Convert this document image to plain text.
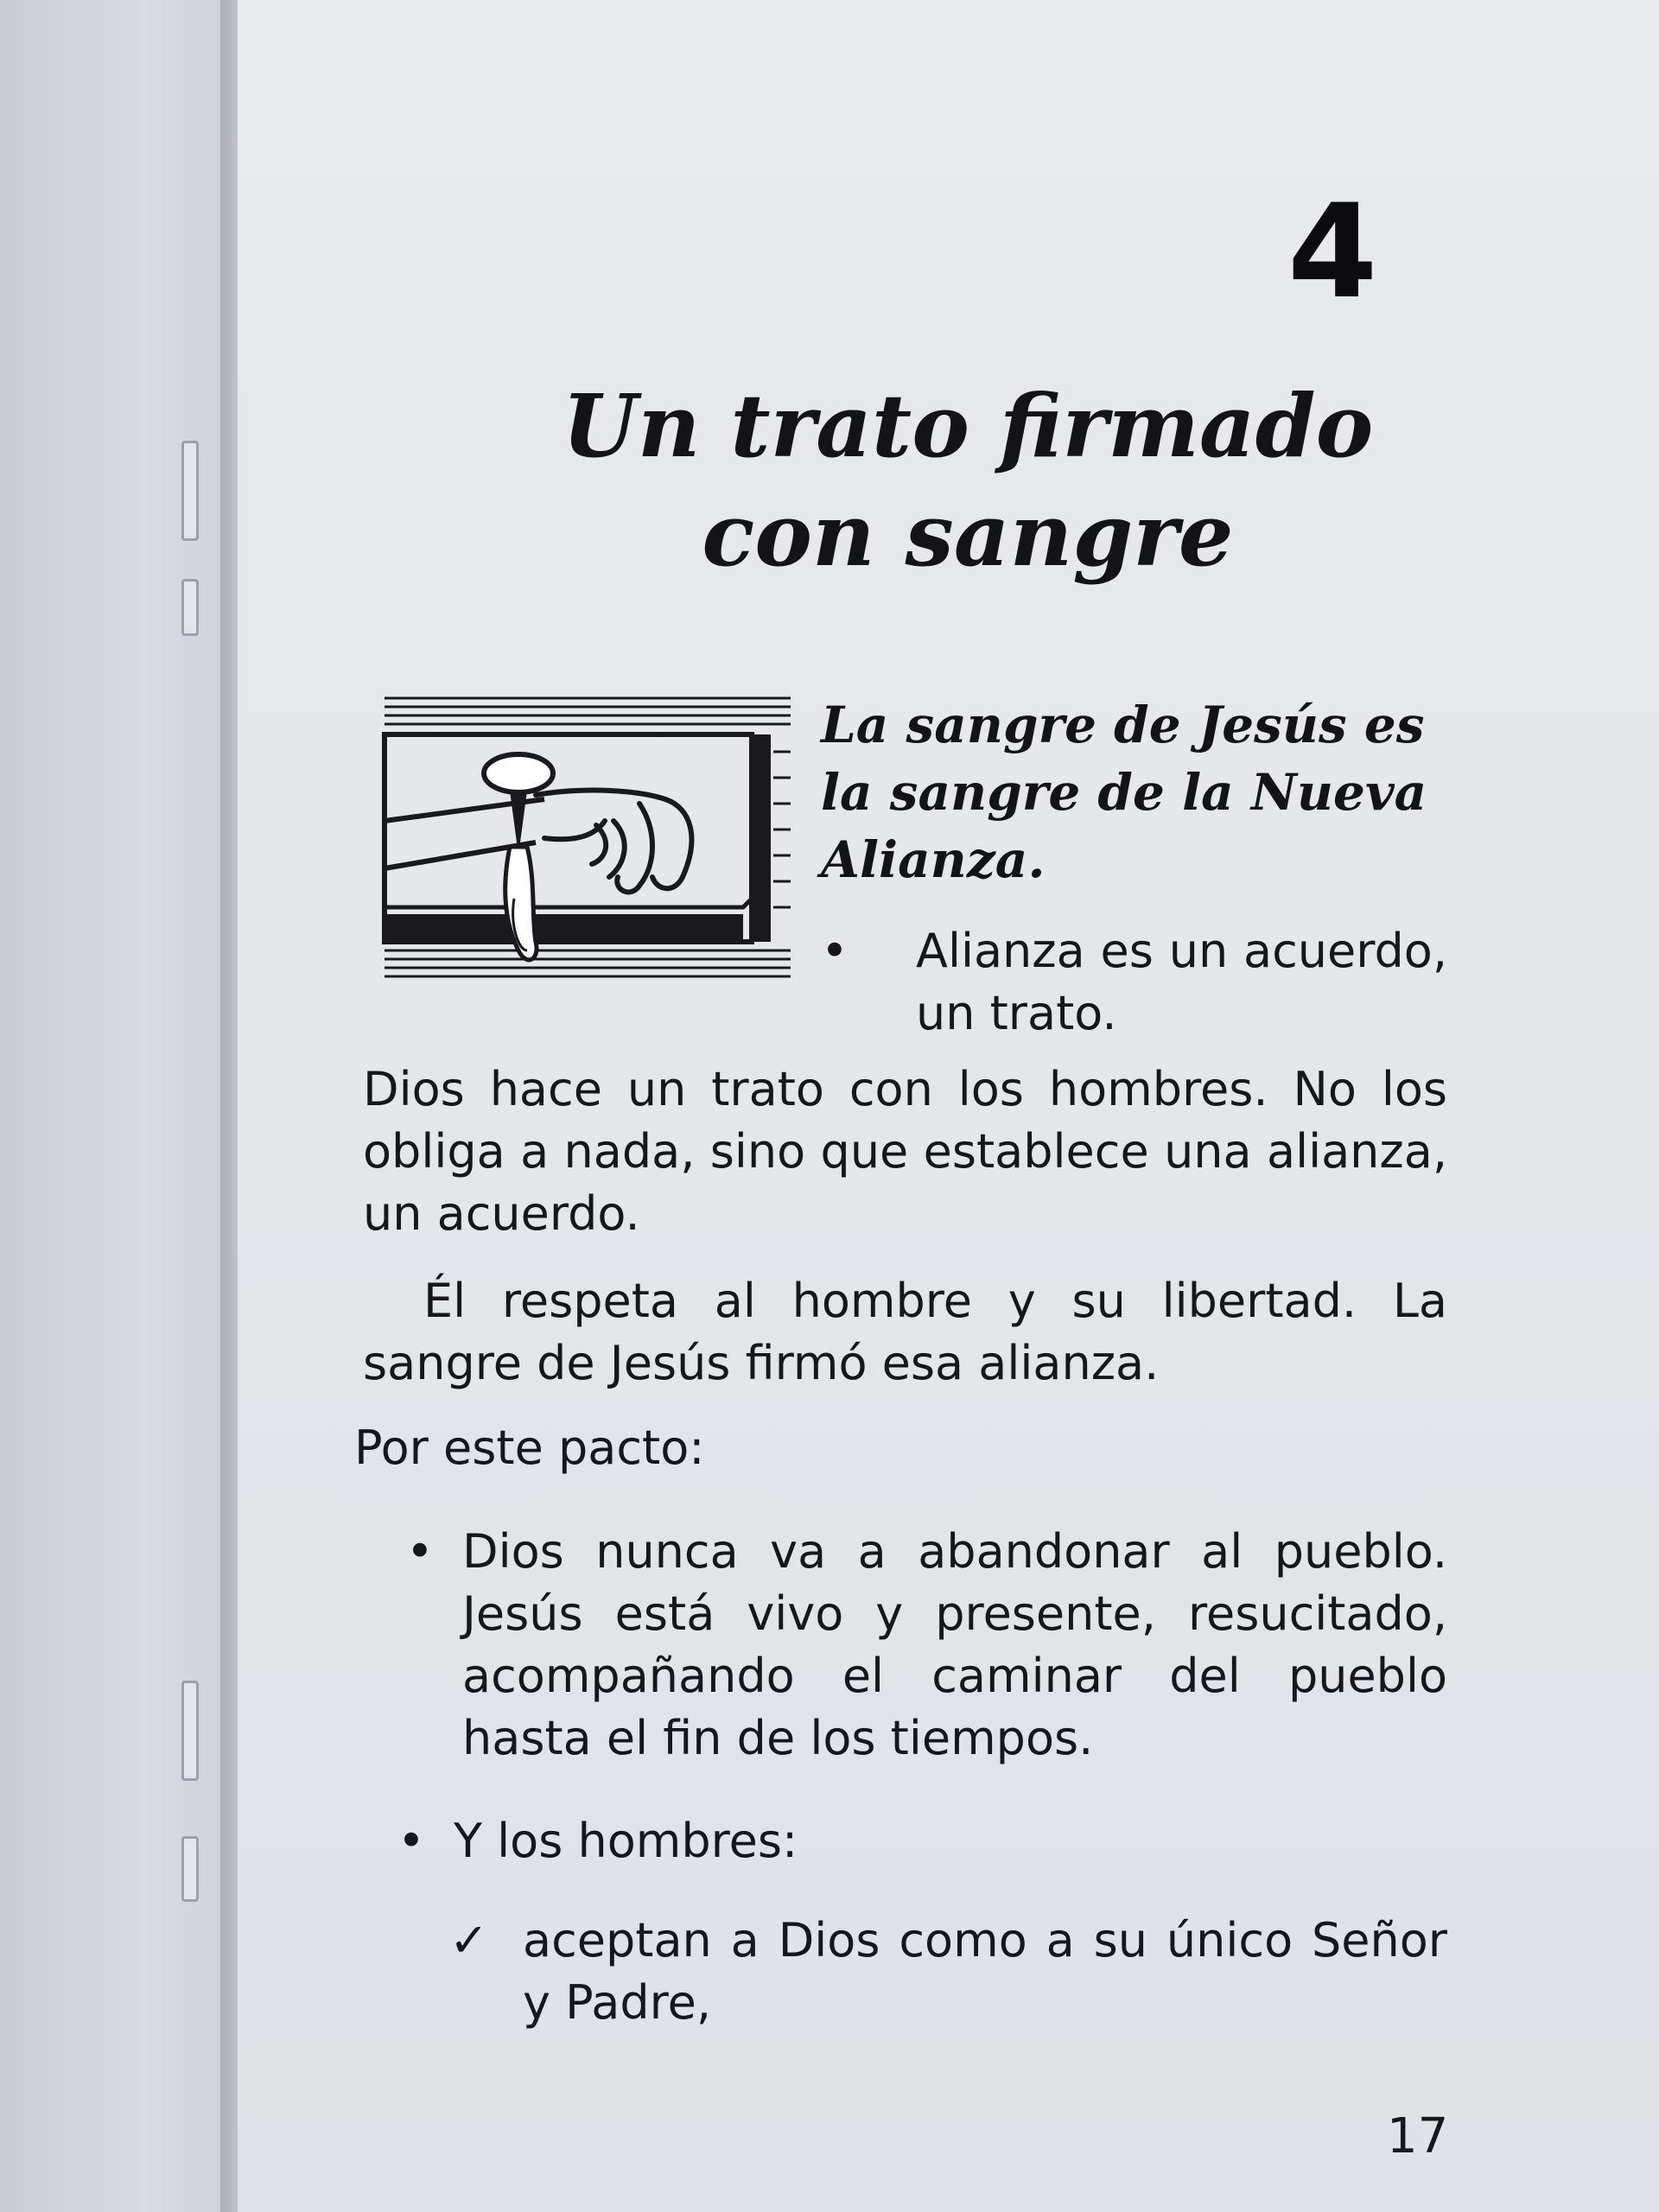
4
Un trato firmado
con sangre
La sangre de Jesús es la sangre de la Nueva Alianza.
• Alianza es un acuerdo, un trato.
Dios hace un trato con los hombres. No los obliga a nada, sino que establece una alianza, un acuerdo.
Él respeta al hombre y su libertad. La sangre de Jesús firmó esa alianza.
Por este pacto:
• Dios nunca va a abandonar al pueblo. Jesús está vivo y presente, resucitado, acompañando el caminar del pueblo hasta el fin de los tiempos.
• Y los hombres:
✓ aceptan a Dios como a su único Señor y Padre,
17
